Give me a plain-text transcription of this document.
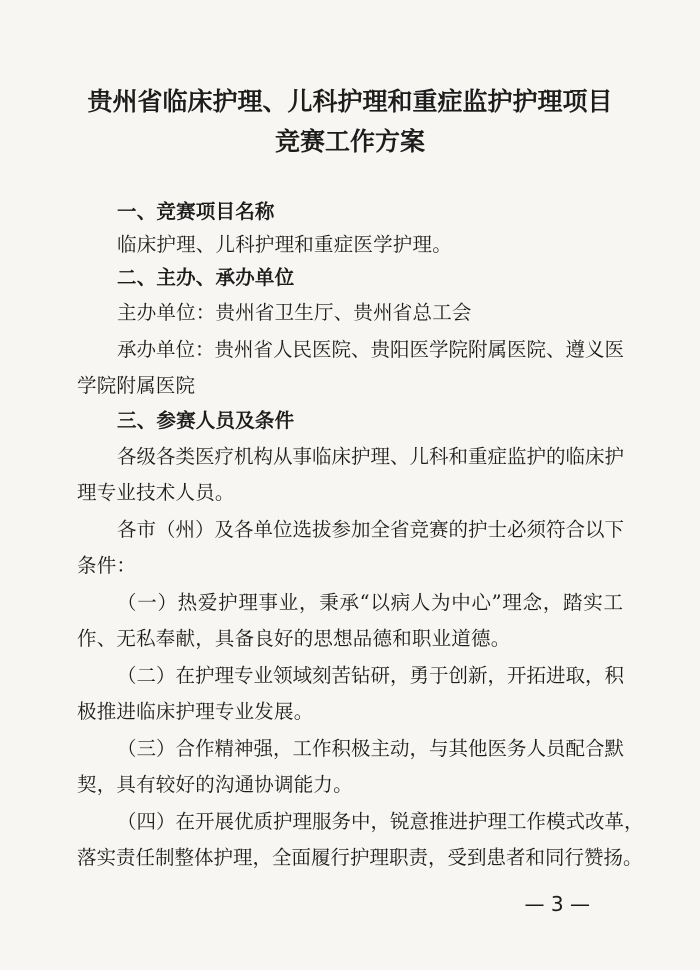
贵州省临床护理、儿科护理和重症监护护理项目
竞赛工作方案
一、竞赛项目名称
临床护理、儿科护理和重症医学护理。
二、主办、承办单位
主办单位：贵州省卫生厅、贵州省总工会
承办单位：贵州省人民医院、贵阳医学院附属医院、遵义医
学院附属医院
三、参赛人员及条件
各级各类医疗机构从事临床护理、儿科和重症监护的临床护
理专业技术人员。
各市（州）及各单位选拔参加全省竞赛的护士必须符合以下
条件：
（一）热爱护理事业，秉承“以病人为中心”理念，踏实工
作、无私奉献，具备良好的思想品德和职业道德。
（二）在护理专业领域刻苦钻研，勇于创新，开拓进取，积
极推进临床护理专业发展。
（三）合作精神强，工作积极主动，与其他医务人员配合默
契，具有较好的沟通协调能力。
（四）在开展优质护理服务中，锐意推进护理工作模式改革，
落实责任制整体护理，全面履行护理职责，受到患者和同行赞扬。
— 3 —
